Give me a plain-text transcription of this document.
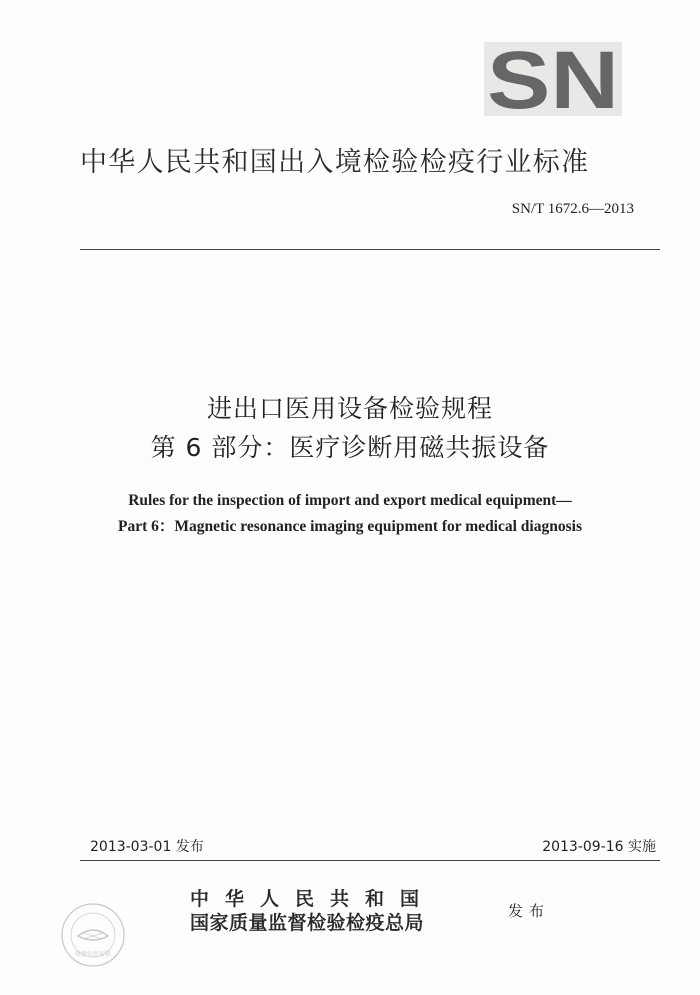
SN
中华人民共和国出入境检验检疫行业标准
SN/T 1672.6—2013
进出口医用设备检验规程
第 6 部分：医疗诊断用磁共振设备
Rules for the inspection of import and export medical equipment—
Part 6：Magnetic resonance imaging equipment for medical diagnosis
2013-03-01 发布	2013-09-16 实施
资源信息提供
中华人民共和国
国家质量监督检验检疫总局
发布
